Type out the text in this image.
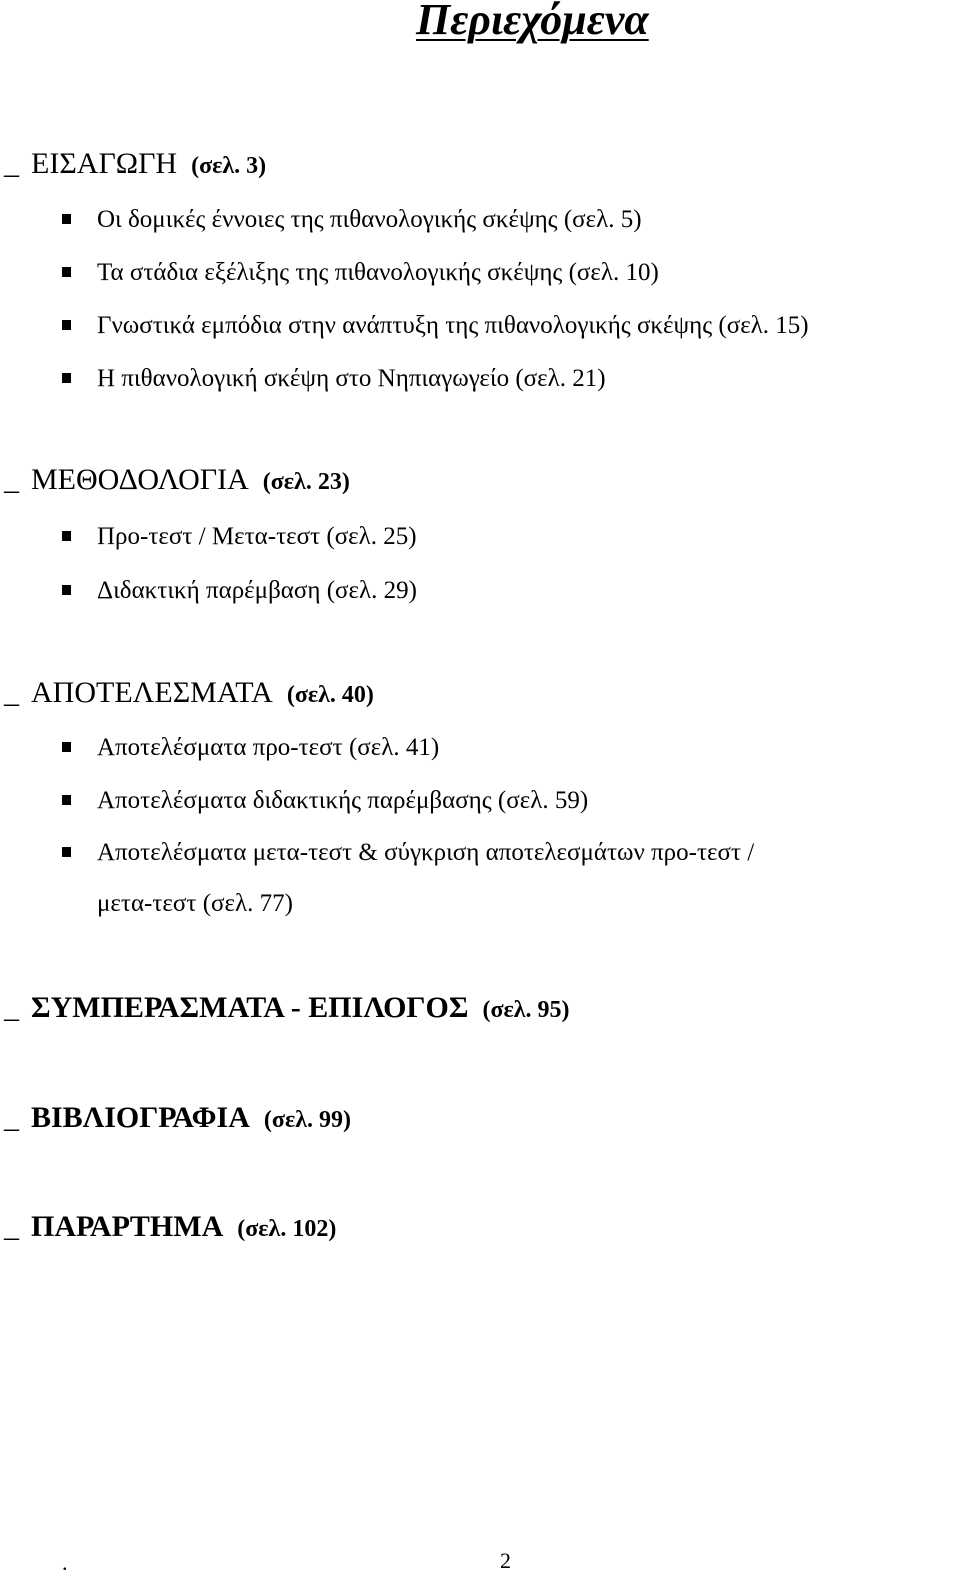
Περιεχόμενα
_ ΕΙΣΑΓΩΓΗ (σελ. 3)
Οι δομικές έννοιες της πιθανολογικής σκέψης (σελ. 5)
Τα στάδια εξέλιξης της πιθανολογικής σκέψης (σελ. 10)
Γνωστικά εμπόδια στην ανάπτυξη της πιθανολογικής σκέψης (σελ. 15)
Η πιθανολογική σκέψη στο Νηπιαγωγείο (σελ. 21)
_ ΜΕΘΟΔΟΛΟΓΙΑ (σελ. 23)
Προ-τεστ / Μετα-τεστ (σελ. 25)
Διδακτική παρέμβαση (σελ. 29)
_ ΑΠΟΤΕΛΕΣΜΑΤΑ (σελ. 40)
Αποτελέσματα προ-τεστ (σελ. 41)
Αποτελέσματα διδακτικής παρέμβασης (σελ. 59)
Αποτελέσματα μετα-τεστ & σύγκριση αποτελεσμάτων προ-τεστ /
μετα-τεστ (σελ. 77)
_ ΣΥΜΠΕΡΑΣΜΑΤΑ - ΕΠΙΛΟΓΟΣ (σελ. 95)
_ ΒΙΒΛΙΟΓΡΑΦΙΑ (σελ. 99)
_ ΠΑΡΑΡΤΗΜΑ (σελ. 102)
.	2
